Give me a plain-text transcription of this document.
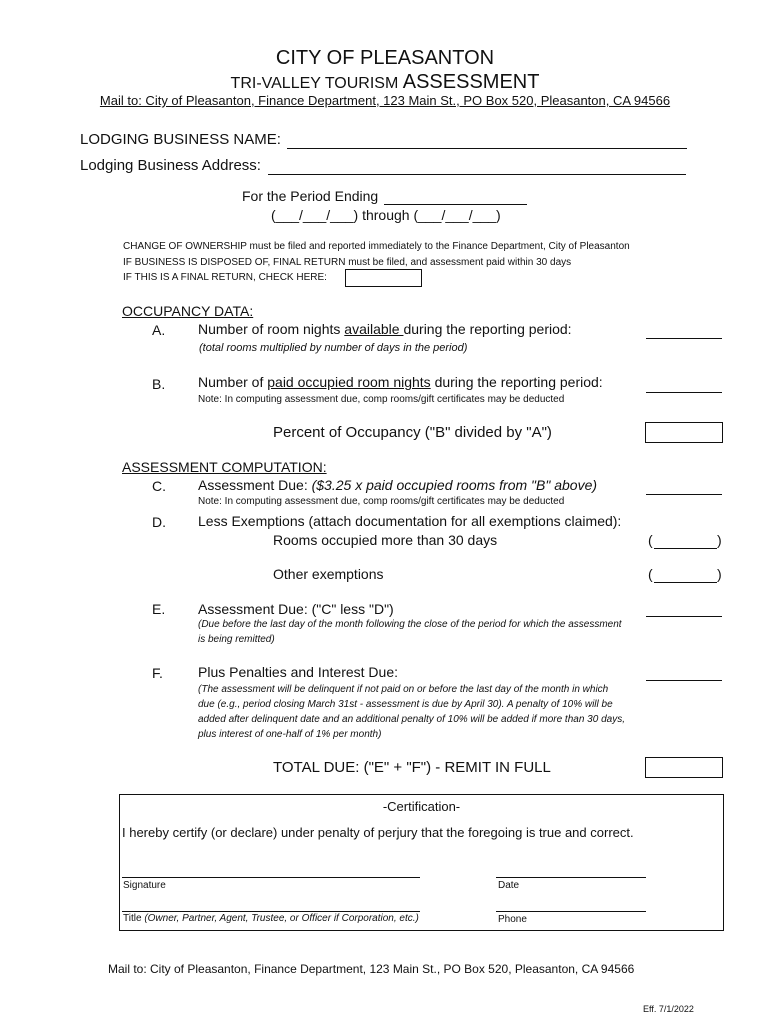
CITY OF PLEASANTON
TRI-VALLEY TOURISM ASSESSMENT
Mail to: City of Pleasanton, Finance Department, 123 Main St., PO Box 520, Pleasanton, CA 94566
LODGING BUSINESS NAME:
Lodging Business Address:
For the Period Ending
(___/___/___) through (___/___/___)
CHANGE OF OWNERSHIP must be filed and reported immediately to the Finance Department, City of Pleasanton
IF BUSINESS IS DISPOSED OF, FINAL RETURN must be filed, and assessment paid within 30 days
IF THIS IS A FINAL RETURN, CHECK HERE:
OCCUPANCY DATA:
A. Number of room nights available during the reporting period:
(total rooms multiplied by number of days in the period)
B. Number of paid occupied room nights during the reporting period:
Note: In computing assessment due, comp rooms/gift certificates may be deducted
Percent of Occupancy ("B" divided by "A")
ASSESSMENT COMPUTATION:
C. Assessment Due: ($3.25 x paid occupied rooms from "B" above)
Note: In computing assessment due, comp rooms/gift certificates may be deducted
D. Less Exemptions (attach documentation for all exemptions claimed):
Rooms occupied more than 30 days	(	)
Other exemptions	(	)
E. Assessment Due: ("C" less "D")
(Due before the last day of the month following the close of the period for which the assessment
is being remitted)
F.	Plus Penalties and Interest Due:
(The assessment will be delinquent if not paid on or before the last day of the month in which
due (e.g., period closing March 31st - assessment is due by April 30). A penalty of 10% will be
added after delinquent date and an additional penalty of 10% will be added if more than 30 days,
plus interest of one-half of 1% per month)
TOTAL DUE: ("E" + "F") - REMIT IN FULL
-Certification-
I hereby certify (or declare) under penalty of perjury that the foregoing is true and correct.
Signature	Date
Title (Owner, Partner, Agent, Trustee, or Officer if Corporation, etc.)	Phone
Mail to: City of Pleasanton, Finance Department, 123 Main St., PO Box 520, Pleasanton, CA 94566
Eff. 7/1/2022
